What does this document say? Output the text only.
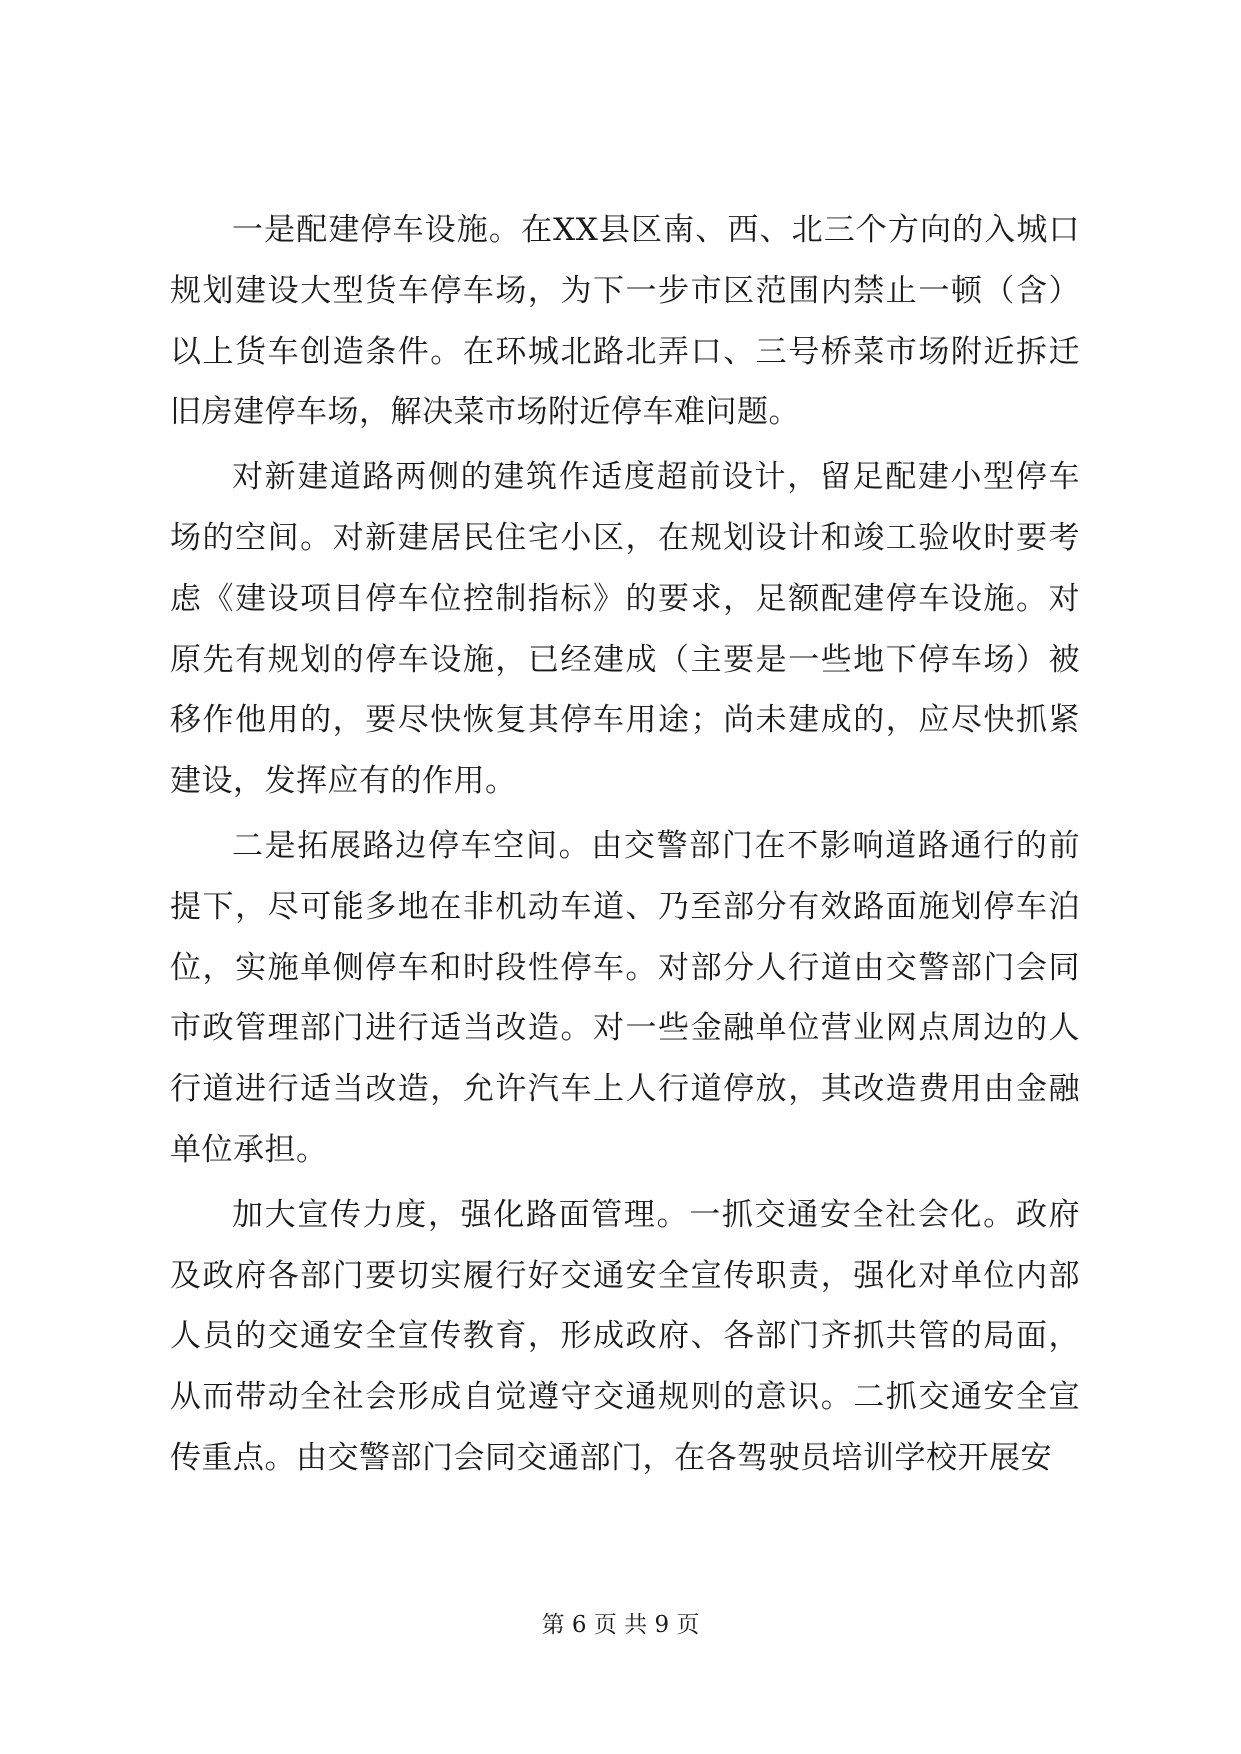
一是配建停车设施。在XX县区南、西、北三个方向的入城口规划建设大型货车停车场，为下一步市区范围内禁止一顿（含）以上货车创造条件。在环城北路北弄口、三号桥菜市场附近拆迁旧房建停车场，解决菜市场附近停车难问题。

对新建道路两侧的建筑作适度超前设计，留足配建小型停车场的空间。对新建居民住宅小区，在规划设计和竣工验收时要考虑《建设项目停车位控制指标》的要求，足额配建停车设施。对原先有规划的停车设施，已经建成（主要是一些地下停车场）被移作他用的，要尽快恢复其停车用途；尚未建成的，应尽快抓紧建设，发挥应有的作用。

二是拓展路边停车空间。由交警部门在不影响道路通行的前提下，尽可能多地在非机动车道、乃至部分有效路面施划停车泊位，实施单侧停车和时段性停车。对部分人行道由交警部门会同市政管理部门进行适当改造。对一些金融单位营业网点周边的人行道进行适当改造，允许汽车上人行道停放，其改造费用由金融单位承担。

加大宣传力度，强化路面管理。一抓交通安全社会化。政府及政府各部门要切实履行好交通安全宣传职责，强化对单位内部人员的交通安全宣传教育，形成政府、各部门齐抓共管的局面，从而带动全社会形成自觉遵守交通规则的意识。二抓交通安全宣传重点。由交警部门会同交通部门，在各驾驶员培训学校开展安

第 6 页 共 9 页
